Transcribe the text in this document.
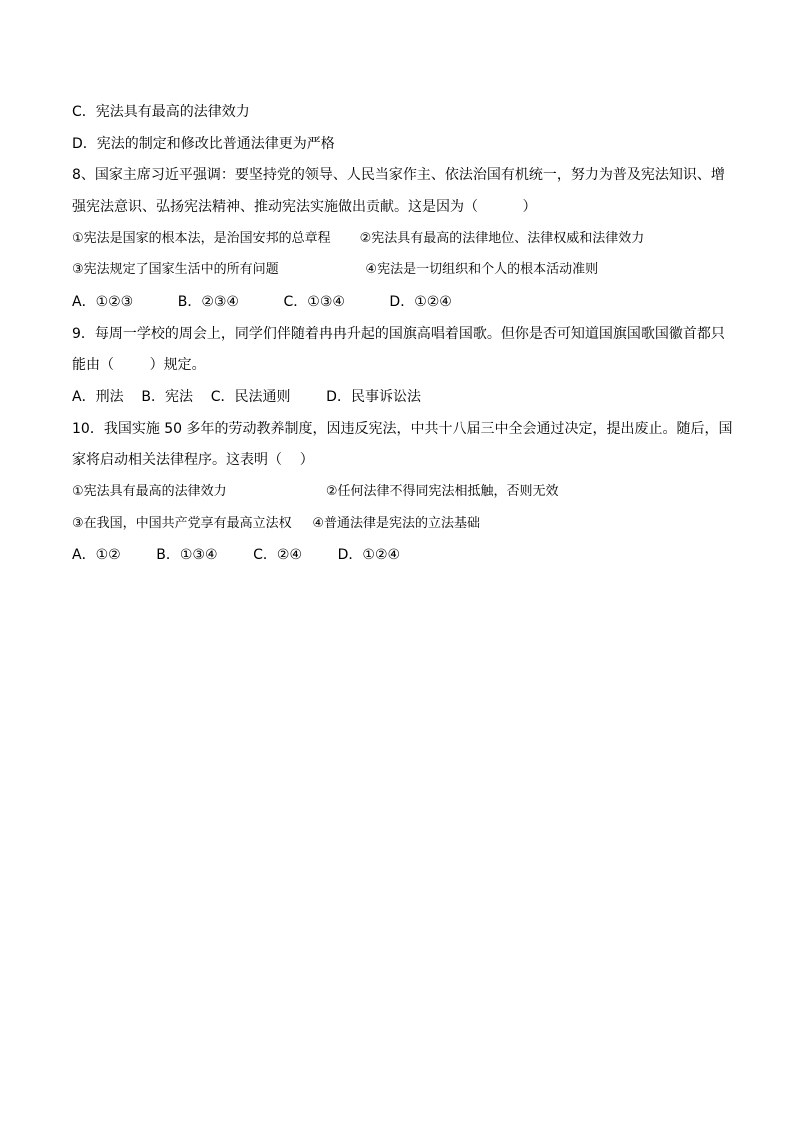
C．宪法具有最高的法律效力
D．宪法的制定和修改比普通法律更为严格
8、国家主席习近平强调：要坚持党的领导、人民当家作主、依法治国有机统一，努力为普及宪法知识、增
强宪法意识、弘扬宪法精神、推动宪法实施做出贡献。这是因为（          ）
①宪法是国家的根本法，是治国安邦的总章程       ②宪法具有最高的法律地位、法律权威和法律效力
③宪法规定了国家生活中的所有问题                     ④宪法是一切组织和个人的根本活动准则
A．①②③          B．②③④          C．①③④          D．①②④
9．每周一学校的周会上，同学们伴随着冉冉升起的国旗高唱着国歌。但你是否可知道国旗国歌国徽首都只
能由（        ）规定。
A．刑法    B．宪法    C．民法通则        D．民事诉讼法
10．我国实施 50 多年的劳动教养制度，因违反宪法，中共十八届三中全会通过决定，提出废止。随后，国
家将启动相关法律程序。这表明（    ）
①宪法具有最高的法律效力                        ②任何法律不得同宪法相抵触，否则无效
③在我国，中国共产党享有最高立法权     ④普通法律是宪法的立法基础
A．①②        B．①③④        C．②④        D．①②④
